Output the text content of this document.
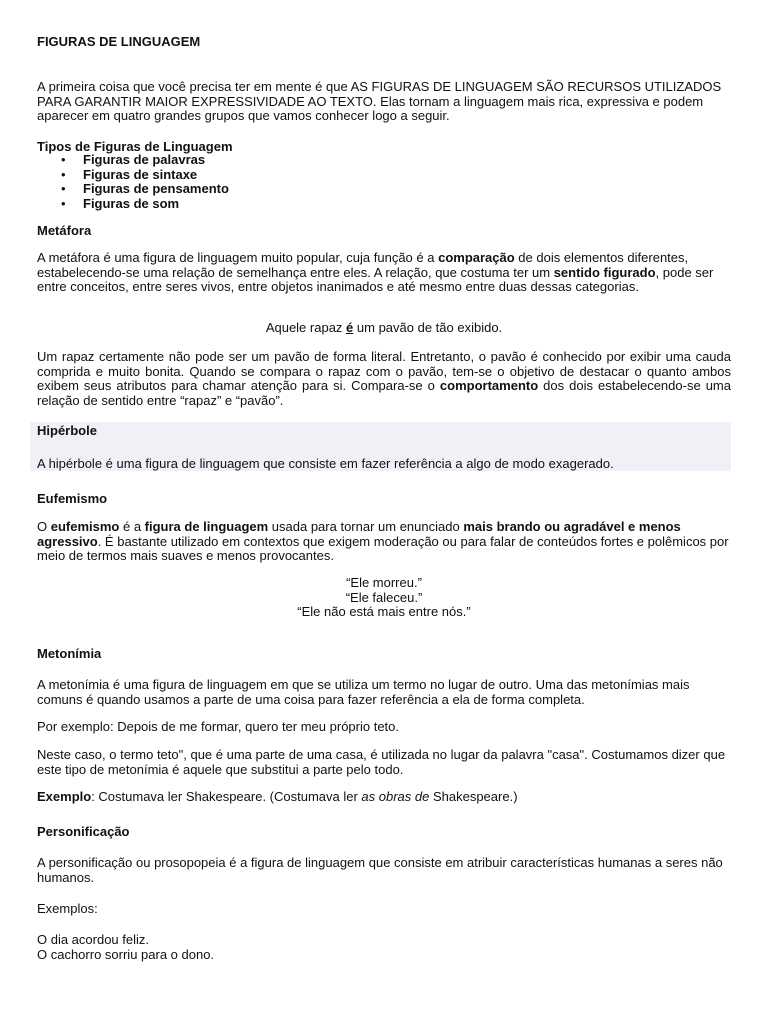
FIGURAS DE LINGUAGEM

A primeira coisa que você precisa ter em mente é que AS FIGURAS DE LINGUAGEM SÃO RECURSOS UTILIZADOS PARA GARANTIR MAIOR EXPRESSIVIDADE AO TEXTO. Elas tornam a linguagem mais rica, expressiva e podem aparecer em quatro grandes grupos que vamos conhecer logo a seguir.

Tipos de Figuras de Linguagem
• Figuras de palavras
• Figuras de sintaxe
• Figuras de pensamento
• Figuras de som
Metáfora

A metáfora é uma figura de linguagem muito popular, cuja função é a comparação de dois elementos diferentes, estabelecendo-se uma relação de semelhança entre eles. A relação, que costuma ter um sentido figurado, pode ser entre conceitos, entre seres vivos, entre objetos inanimados e até mesmo entre duas dessas categorias.

Aquele rapaz é um pavão de tão exibido.

Um rapaz certamente não pode ser um pavão de forma literal. Entretanto, o pavão é conhecido por exibir uma cauda comprida e muito bonita. Quando se compara o rapaz com o pavão, tem-se o objetivo de destacar o quanto ambos exibem seus atributos para chamar atenção para si. Compara-se o comportamento dos dois estabelecendo-se uma relação de sentido entre “rapaz” e “pavão”.

Hipérbole

A hipérbole é uma figura de linguagem que consiste em fazer referência a algo de modo exagerado.

Eufemismo

O eufemismo é a figura de linguagem usada para tornar um enunciado mais brando ou agradável e menos agressivo. É bastante utilizado em contextos que exigem moderação ou para falar de conteúdos fortes e polêmicos por meio de termos mais suaves e menos provocantes.

“Ele morreu.”
“Ele faleceu.”
“Ele não está mais entre nós.”
Metonímia

A metonímia é uma figura de linguagem em que se utiliza um termo no lugar de outro. Uma das metonímias mais comuns é quando usamos a parte de uma coisa para fazer referência a ela de forma completa.

Por exemplo: Depois de me formar, quero ter meu próprio teto.

Neste caso, o termo teto", que é uma parte de uma casa, é utilizada no lugar da palavra "casa". Costumamos dizer que este tipo de metonímia é aquele que substitui a parte pelo todo.

Exemplo: Costumava ler Shakespeare. (Costumava ler as obras de Shakespeare.)

Personificação

A personificação ou prosopopeia é a figura de linguagem que consiste em atribuir características humanas a seres não humanos.

Exemplos:

O dia acordou feliz.
O cachorro sorriu para o dono.
